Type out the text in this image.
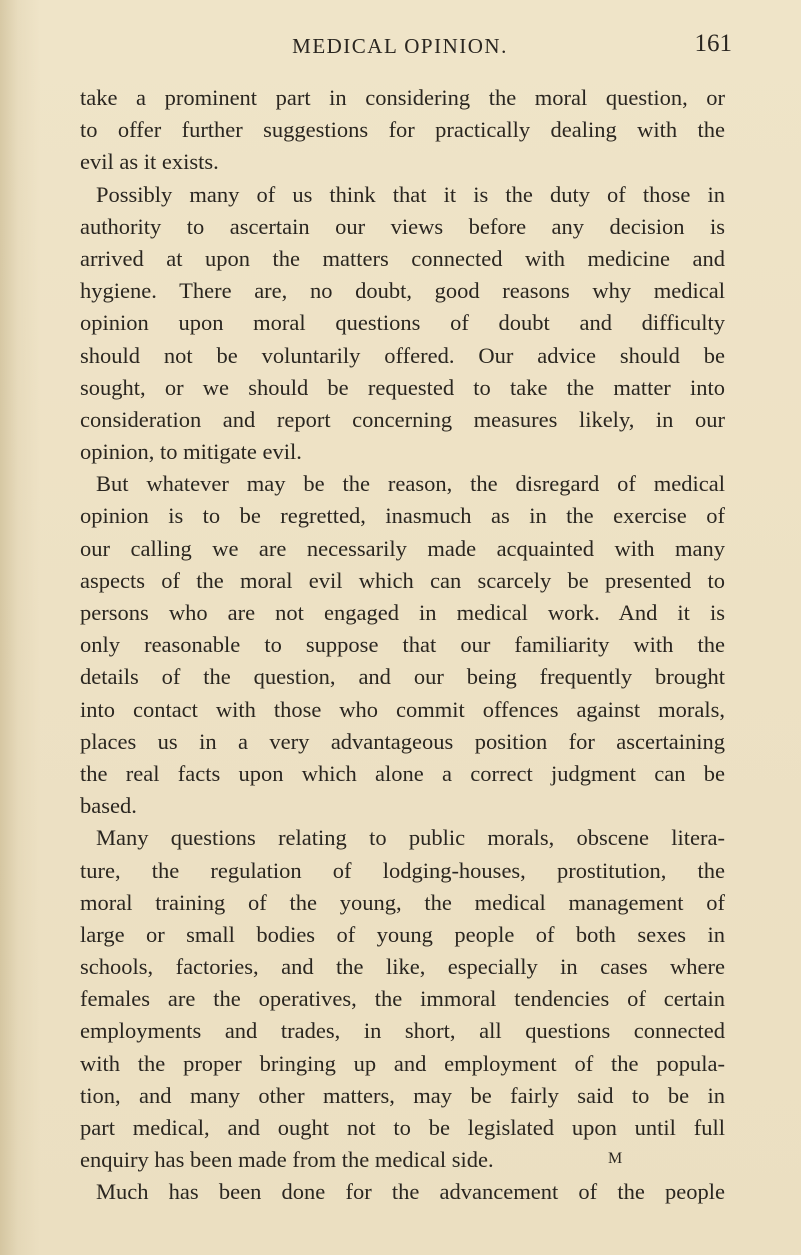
MEDICAL OPINION.	161
take a prominent part in considering the moral question, or
to offer further suggestions for practically dealing with the
evil as it exists.
Possibly many of us think that it is the duty of those in
authority to ascertain our views before any decision is
arrived at upon the matters connected with medicine and
hygiene. There are, no doubt, good reasons why medical
opinion upon moral questions of doubt and difficulty
should not be voluntarily offered. Our advice should be
sought, or we should be requested to take the matter into
consideration and report concerning measures likely, in our
opinion, to mitigate evil.
But whatever may be the reason, the disregard of medical
opinion is to be regretted, inasmuch as in the exercise of
our calling we are necessarily made acquainted with many
aspects of the moral evil which can scarcely be presented to
persons who are not engaged in medical work. And it is
only reasonable to suppose that our familiarity with the
details of the question, and our being frequently brought
into contact with those who commit offences against morals,
places us in a very advantageous position for ascertaining
the real facts upon which alone a correct judgment can be
based.
Many questions relating to public morals, obscene litera-
ture, the regulation of lodging-houses, prostitution, the
moral training of the young, the medical management of
large or small bodies of young people of both sexes in
schools, factories, and the like, especially in cases where
females are the operatives, the immoral tendencies of certain
employments and trades, in short, all questions connected
with the proper bringing up and employment of the popula-
tion, and many other matters, may be fairly said to be in
part medical, and ought not to be legislated upon until full
enquiry has been made from the medical side.
Much has been done for the advancement of the people
M
